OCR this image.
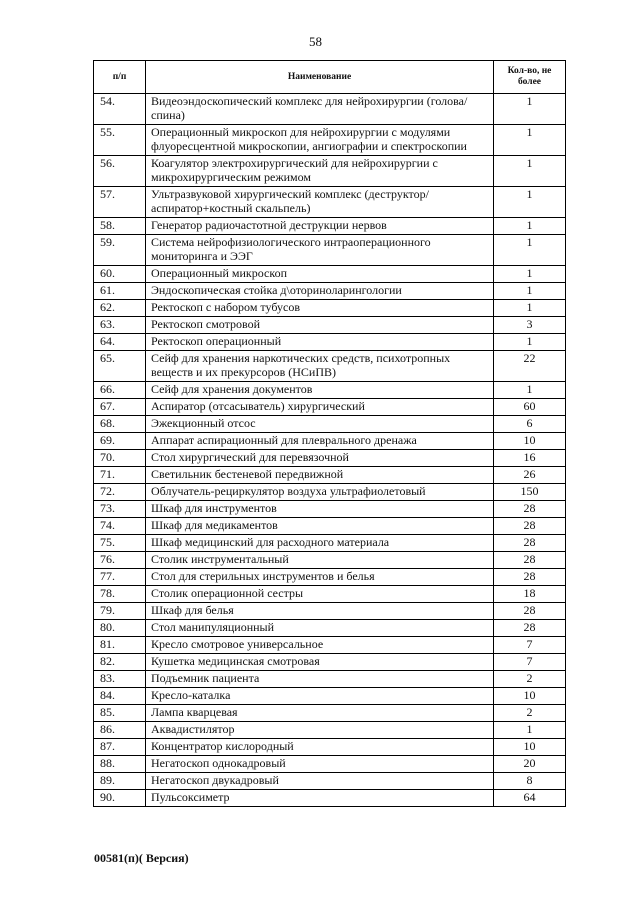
58
п/п	Наименование	Кол-во, не более
54.	Видеоэндоскопический комплекс для нейрохирургии (голова/спина)	1
55.	Операционный микроскоп для нейрохирургии с модулями флуоресцентной микроскопии, ангиографии и спектроскопии	1
56.	Коагулятор электрохирургический для нейрохирургии с микрохирургическим режимом	1
57.	Ультразвуковой хирургический комплекс (деструктор/аспиратор+костный скальпель)	1
58.	Генератор радиочастотной деструкции нервов	1
59.	Система нейрофизиологического интраоперационного мониторинга и ЭЭГ	1
60.	Операционный микроскоп	1
61.	Эндоскопическая стойка д\оториноларингологии	1
62.	Ректоскоп с набором тубусов	1
63.	Ректоскоп смотровой	3
64.	Ректоскоп операционный	1
65.	Сейф для хранения наркотических средств, психотропных веществ и их прекурсоров (НСиПВ)	22
66.	Сейф для хранения документов	1
67.	Аспиратор (отсасыватель) хирургический	60
68.	Эжекционный отсос	6
69.	Аппарат аспирационный для плеврального дренажа	10
70.	Стол хирургический для перевязочной	16
71.	Светильник бестеневой передвижной	26
72.	Облучатель-рециркулятор воздуха ультрафиолетовый	150
73.	Шкаф для инструментов	28
74.	Шкаф для медикаментов	28
75.	Шкаф медицинский для расходного материала	28
76.	Столик инструментальный	28
77.	Стол для стерильных инструментов и белья	28
78.	Столик операционной сестры	18
79.	Шкаф для белья	28
80.	Стол манипуляционный	28
81.	Кресло смотровое универсальное	7
82.	Кушетка медицинская смотровая	7
83.	Подъемник пациента	2
84.	Кресло-каталка	10
85.	Лампа кварцевая	2
86.	Аквадистилятор	1
87.	Концентратор кислородный	10
88.	Негатоскоп однокадровый	20
89.	Негатоскоп двукадровый	8
90.	Пульсоксиметр	64
00581(п)( Версия)
